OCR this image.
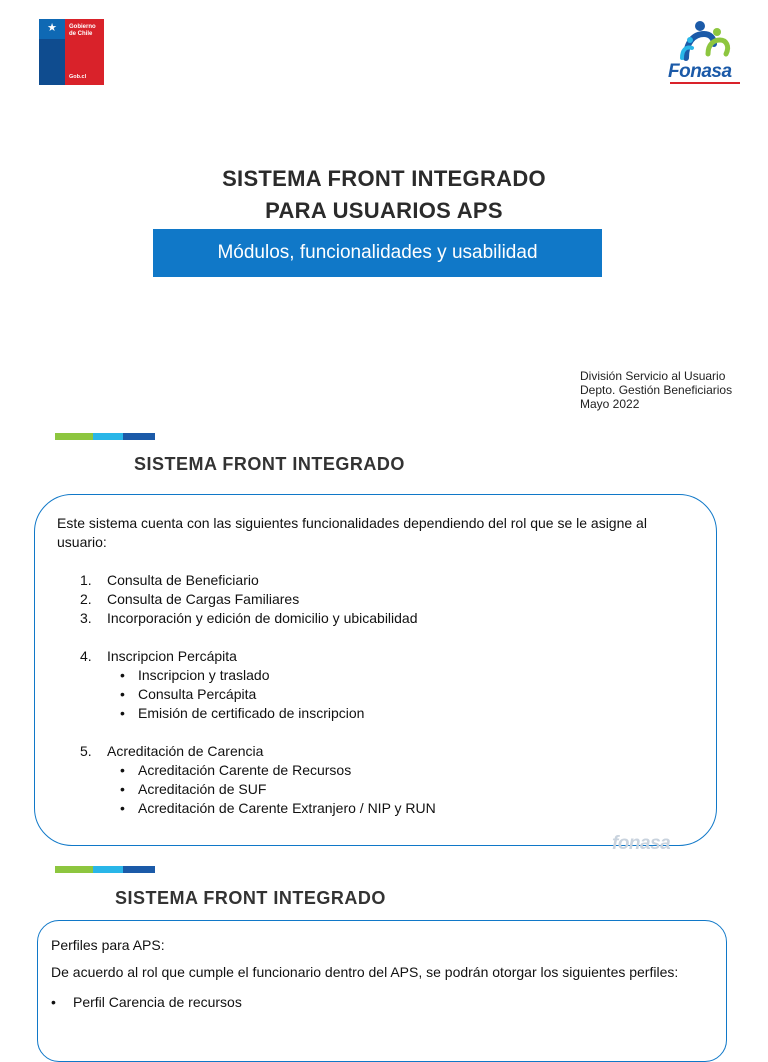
★ Gobierno
de Chile
Gob.cl	Fonasa
SISTEMA FRONT INTEGRADO
PARA USUARIOS APS
Módulos, funcionalidades y usabilidad
División Servicio al Usuario
Depto. Gestión Beneficiarios
Mayo 2022
SISTEMA FRONT INTEGRADO
Este sistema cuenta con las siguientes funcionalidades dependiendo del rol que se le asigne al usuario:
1. Consulta de Beneficiario
2. Consulta de Cargas Familiares
3. Incorporación y edición de domicilio y ubicabilidad
4. Inscripcion Percápita
• Inscripcion y traslado
• Consulta Percápita
• Emisión de certificado de inscripcion
5. Acreditación de Carencia
• Acreditación Carente de Recursos
• Acreditación de SUF
• Acreditación de Carente Extranjero / NIP y RUN
fonasa
SISTEMA FRONT INTEGRADO
Perfiles para APS:
De acuerdo al rol que cumple el funcionario dentro del APS, se podrán otorgar los siguientes perfiles:
• Perfil Carencia de recursos
